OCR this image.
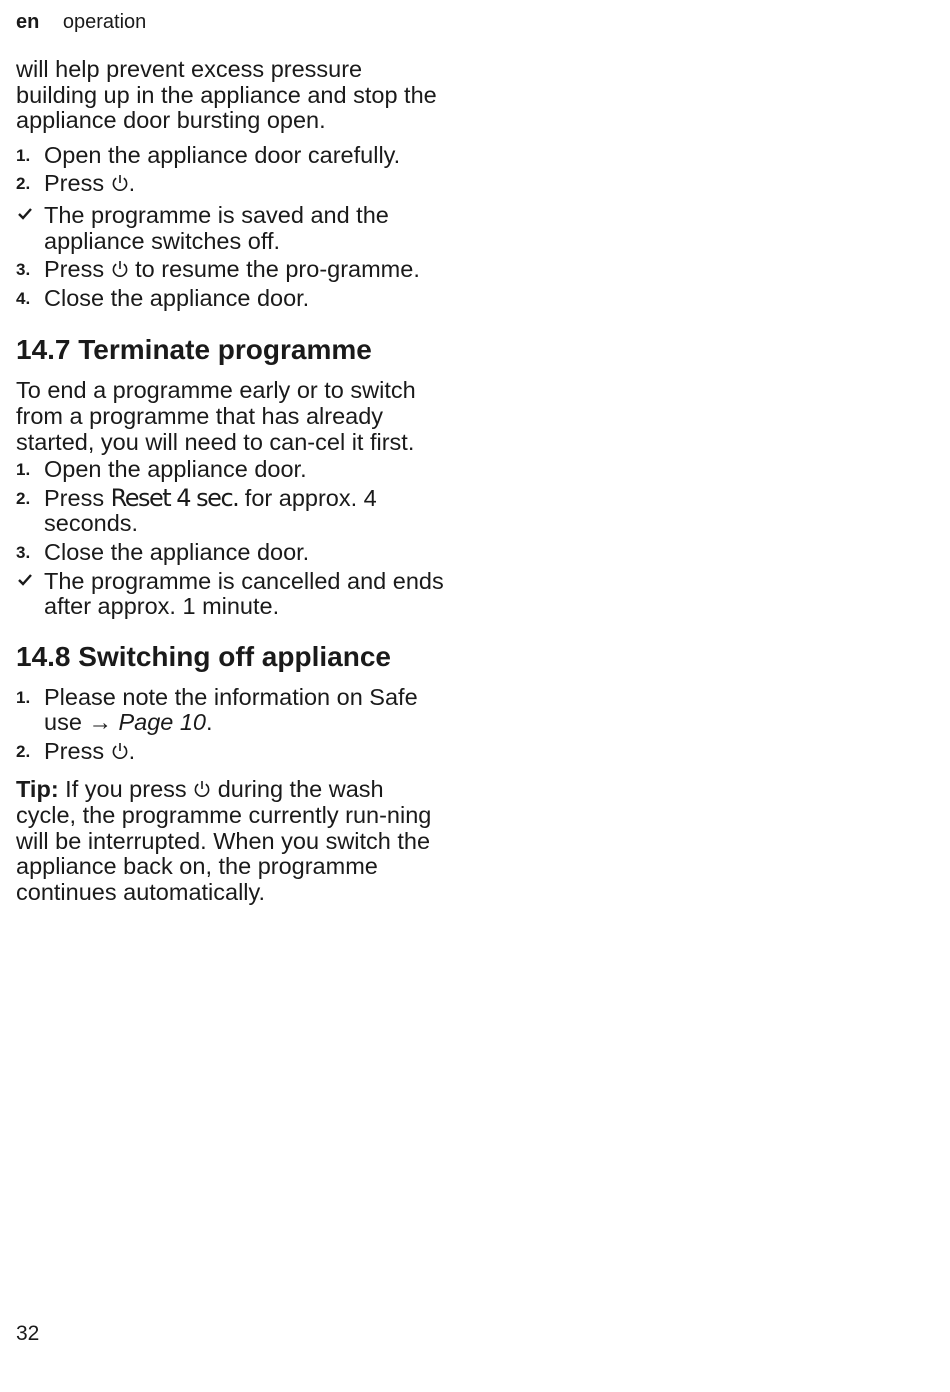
en operation

will help prevent excess pressure building up in the appliance and stop the appliance door bursting open.

1. Open the appliance door carefully.
2. Press .
The programme is saved and the appliance switches off.
3. Press  to resume the pro-gramme.
4. Close the appliance door.
14.7 Terminate programme

To end a programme early or to switch from a programme that has already started, you will need to can-cel it first.

1. Open the appliance door.
2. Press Reset 4 sec. for approx. 4 seconds.
3. Close the appliance door.
The programme is cancelled and ends after approx. 1 minute.
14.8 Switching off appliance
1. Please note the information on Safe use → Page 10.
2. Press .

Tip: If you press  during the wash cycle, the programme currently run-ning will be interrupted. When you switch the appliance back on, the programme continues automatically.

32
